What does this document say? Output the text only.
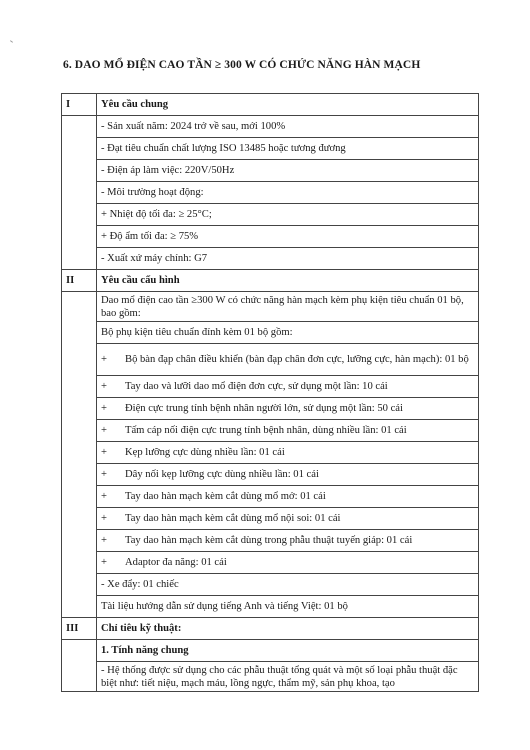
6. DAO MỔ ĐIỆN CAO TẦN ≥ 300 W CÓ CHỨC NĂNG HÀN MẠCH
I	Yêu cầu chung
	- Sản xuất năm: 2024 trở về sau, mới 100%
	- Đạt tiêu chuẩn chất lượng ISO 13485 hoặc tương đương
	- Điện áp làm việc: 220V/50Hz
	- Môi trường hoạt động:
	+ Nhiệt độ tối đa: ≥ 25°C;
	+ Độ ẩm tối đa: ≥ 75%
	- Xuất xứ máy chính: G7
II	Yêu cầu cấu hình
	Dao mổ điện cao tần ≥300 W có chức năng hàn mạch kèm phụ kiện tiêu chuẩn 01 bộ, bao gồm:
	Bộ phụ kiện tiêu chuẩn đính kèm 01 bộ gồm:
	+ Bộ bàn đạp chân điều khiển (bàn đạp chân đơn cực, lưỡng cực, hàn mạch): 01 bộ
	+ Tay dao và lưỡi dao mổ điện đơn cực, sử dụng một lần: 10 cái
	+ Điện cực trung tính bệnh nhân người lớn, sử dụng một lần: 50 cái
	+ Tấm cáp nối điện cực trung tính bệnh nhân, dùng nhiều lần: 01 cái
	+ Kẹp lưỡng cực dùng nhiều lần: 01 cái
	+ Dây nối kẹp lưỡng cực dùng nhiều lần: 01 cái
	+ Tay dao hàn mạch kèm cắt dùng mổ mở: 01 cái
	+ Tay dao hàn mạch kèm cắt dùng mổ nội soi: 01 cái
	+ Tay dao hàn mạch kèm cắt dùng trong phẫu thuật tuyến giáp: 01 cái
	+ Adaptor đa năng: 01 cái
	- Xe đẩy: 01 chiếc
	Tài liệu hướng dẫn sử dụng tiếng Anh và tiếng Việt: 01 bộ
III	Chỉ tiêu kỹ thuật:
	1. Tính năng chung
	- Hệ thống được sử dụng cho các phẫu thuật tổng quát và một số loại phẫu thuật đặc biệt như: tiết niệu, mạch máu, lồng ngực, thẩm mỹ, sản phụ khoa, tạo
